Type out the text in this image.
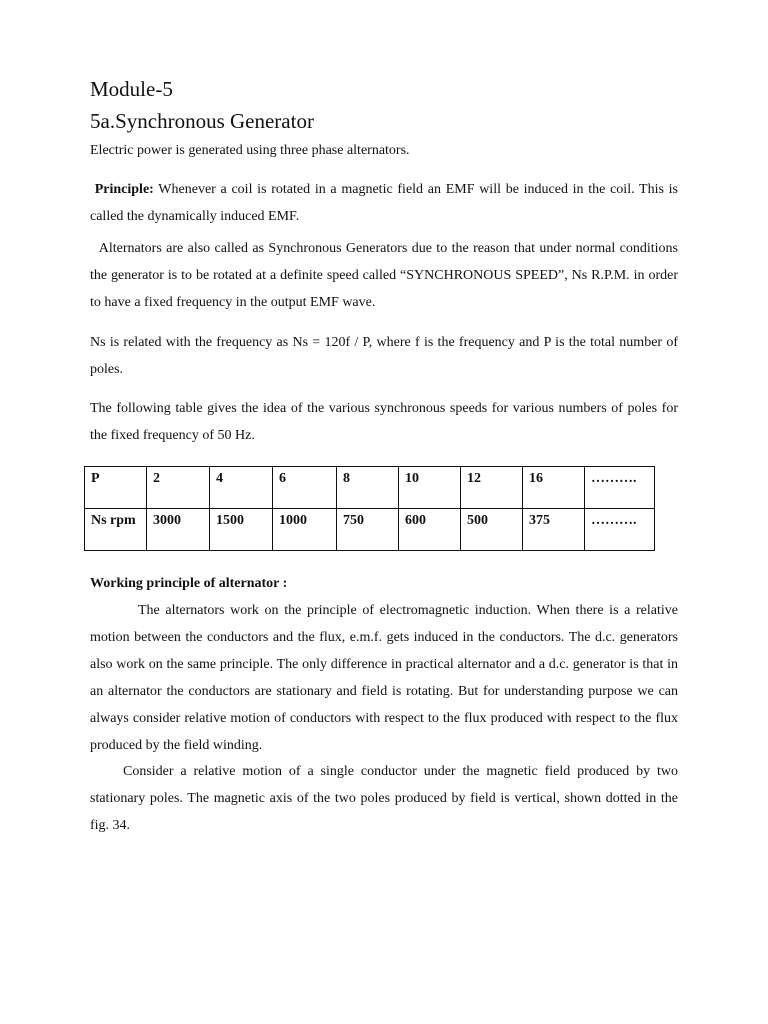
Module-5
5a.Synchronous Generator

Electric power is generated using three phase alternators.

Principle: Whenever a coil is rotated in a magnetic field an EMF will be induced in the coil. This is called the dynamically induced EMF.

Alternators are also called as Synchronous Generators due to the reason that under normal conditions the generator is to be rotated at a definite speed called “SYNCHRONOUS SPEED”, Ns R.P.M. in order to have a fixed frequency in the output EMF wave.

Ns is related with the frequency as Ns = 120f / P, where f is the frequency and P is the total number of poles.

The following table gives the idea of the various synchronous speeds for various numbers of poles for the fixed frequency of 50 Hz.

P	2	4	6	8	10	12	16	……….
Ns rpm	3000	1500	1000	750	600	500	375	……….

Working principle of alternator :

The alternators work on the principle of electromagnetic induction. When there is a relative motion between the conductors and the flux, e.m.f. gets induced in the conductors. The d.c. generators also work on the same principle. The only difference in practical alternator and a d.c. generator is that in an alternator the conductors are stationary and field is rotating. But for understanding purpose we can always consider relative motion of conductors with respect to the flux produced with respect to the flux produced by the field winding.

Consider a relative motion of a single conductor under the magnetic field produced by two stationary poles. The magnetic axis of the two poles produced by field is vertical, shown dotted in the fig. 34.
